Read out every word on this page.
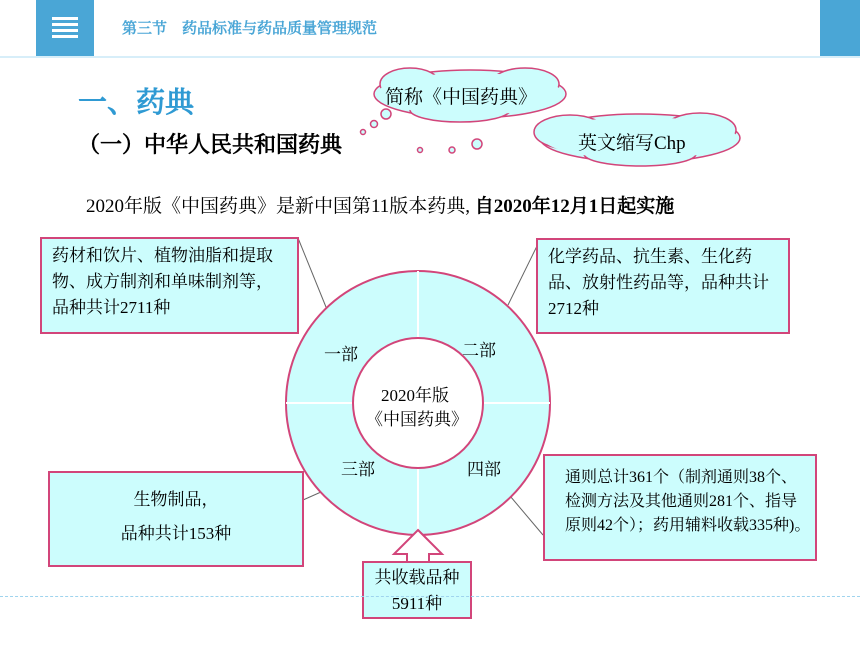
第三节　药品标准与药品质量管理规范
一、药典
（一）中华人民共和国药典
简称《中国药典》
英文缩写Chp
2020年版《中国药典》是新中国第11版本药典, 自2020年12月1日起实施
2020年版
《中国药典》
一部	二部
三部	四部
药材和饮片、植物油脂和提取物、成方制剂和单味制剂等，品种共计2711种
化学药品、抗生素、生化药品、放射性药品等，品种共计2712种
生物制品，
品种共计153种
通则总计361个（制剂通则38个、检测方法及其他通则281个、指导原则42个）；药用辅料收载335种)。
共收载品种
5911种
